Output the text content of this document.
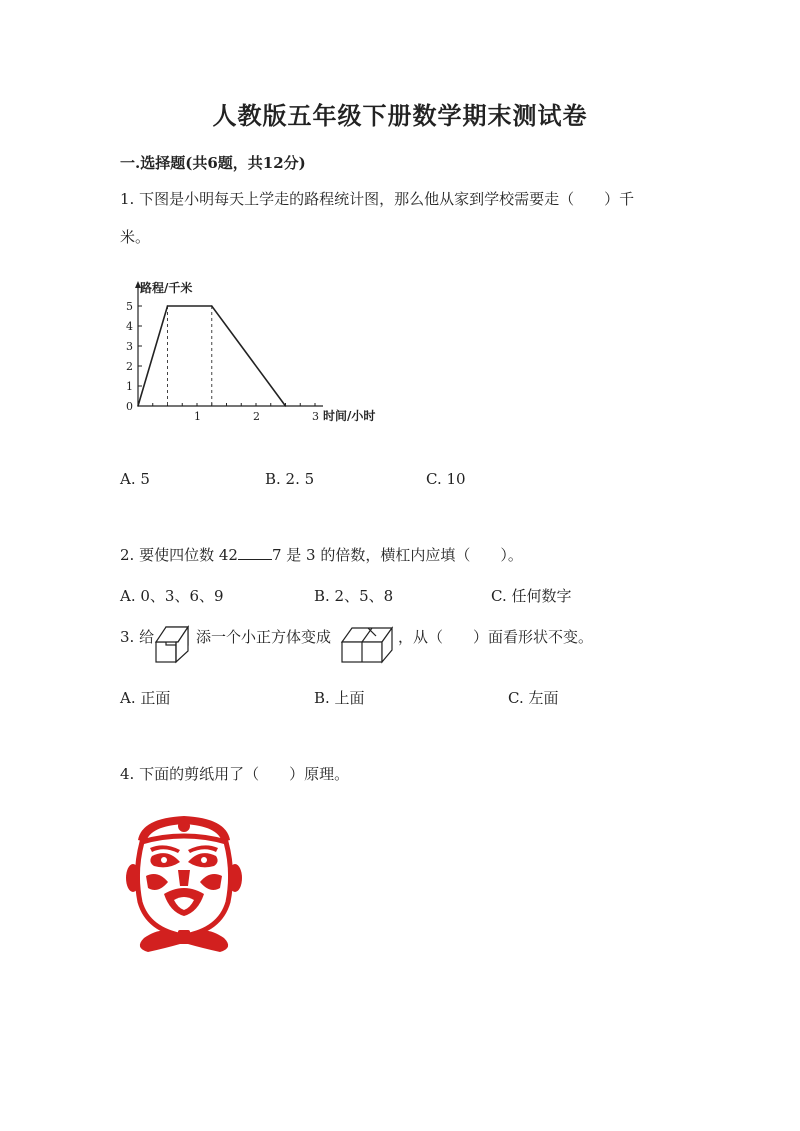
人教版五年级下册数学期末测试卷
一.选择题(共6题，共12分)
1. 下图是小明每天上学走的路程统计图，那么他从家到学校需要走（　　）千
米。
0
1
2
3
4
5
1	2	3
路程/千米
时间/小时
A. 5	B. 2. 5	C. 10
2. 要使四位数 42 7 是 3 的倍数，横杠内应填（　　）。
A. 0、3、6、9	B. 2、5、8	C. 任何数字
3. 给	添一个小正方体变成	，从（　　）面看形状不变。
A. 正面	B. 上面	C. 左面
4. 下面的剪纸用了（　　）原理。
